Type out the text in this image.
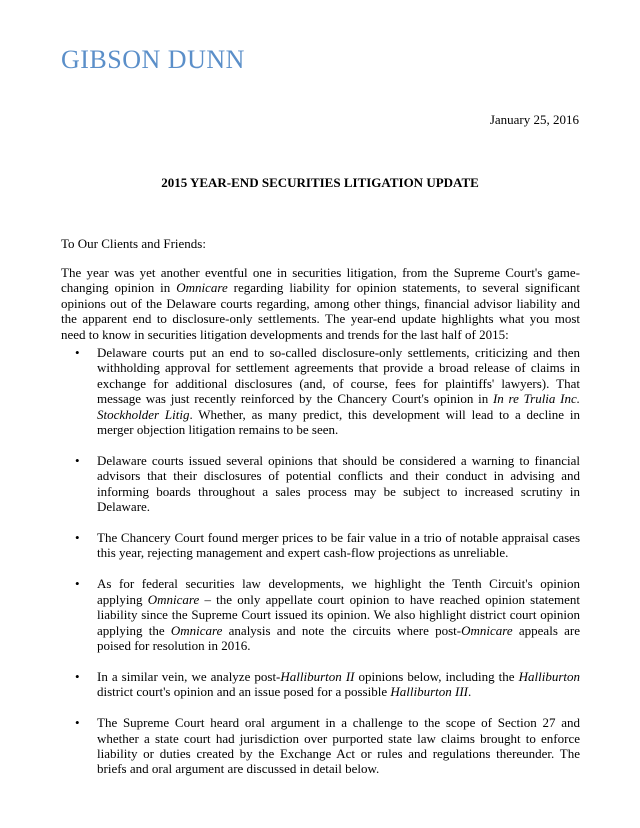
GIBSON DUNN
January 25, 2016
2015 YEAR-END SECURITIES LITIGATION UPDATE
To Our Clients and Friends:

The year was yet another eventful one in securities litigation, from the Supreme Court's game-changing opinion in Omnicare regarding liability for opinion statements, to several significant opinions out of the Delaware courts regarding, among other things, financial advisor liability and the apparent end to disclosure-only settlements. The year-end update highlights what you most need to know in securities litigation developments and trends for the last half of 2015:

• Delaware courts put an end to so-called disclosure-only settlements, criticizing and then withholding approval for settlement agreements that provide a broad release of claims in exchange for additional disclosures (and, of course, fees for plaintiffs' lawyers). That message was just recently reinforced by the Chancery Court's opinion in In re Trulia Inc. Stockholder Litig. Whether, as many predict, this development will lead to a decline in merger objection litigation remains to be seen.
• Delaware courts issued several opinions that should be considered a warning to financial advisors that their disclosures of potential conflicts and their conduct in advising and informing boards throughout a sales process may be subject to increased scrutiny in Delaware.
• The Chancery Court found merger prices to be fair value in a trio of notable appraisal cases this year, rejecting management and expert cash-flow projections as unreliable.
• As for federal securities law developments, we highlight the Tenth Circuit's opinion applying Omnicare – the only appellate court opinion to have reached opinion statement liability since the Supreme Court issued its opinion. We also highlight district court opinion applying the Omnicare analysis and note the circuits where post-Omnicare appeals are poised for resolution in 2016.
• In a similar vein, we analyze post-Halliburton II opinions below, including the Halliburton district court's opinion and an issue posed for a possible Halliburton III.
• The Supreme Court heard oral argument in a challenge to the scope of Section 27 and whether a state court had jurisdiction over purported state law claims brought to enforce liability or duties created by the Exchange Act or rules and regulations thereunder. The briefs and oral argument are discussed in detail below.
